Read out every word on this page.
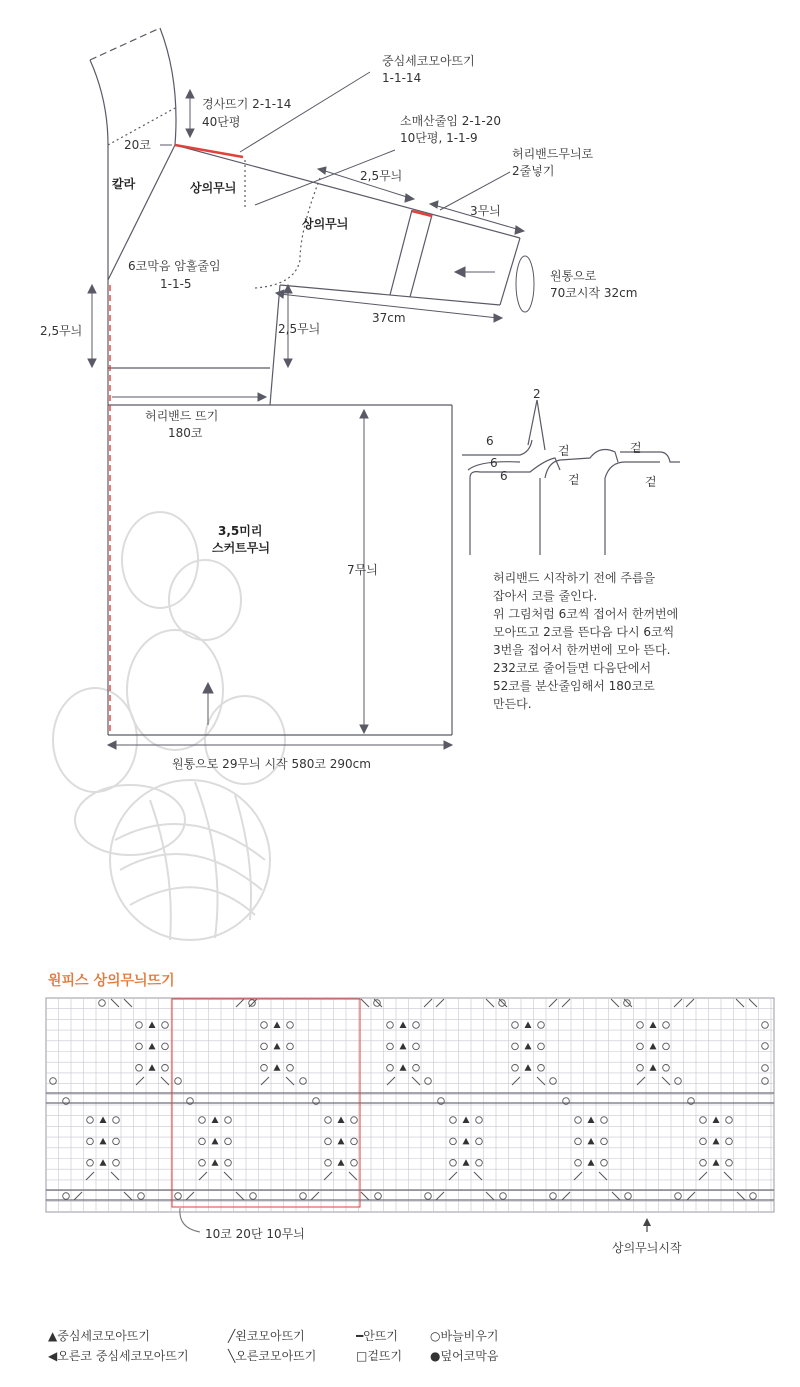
중심세코모아뜨기
1-1-14
경사뜨기 2-1-14
40단평	소매산줄임 2-1-20
10단평, 1-1-9
허리밴드무늬로
2줄넣기
20코
칼라	상의무늬
상의무늬
2,5무늬
3무늬
6코막음 암홀줄임
1-1-5
원통으로
70코시작 32cm
37cm
2,5무늬	2,5무늬
허리밴드 뜨기
180코
3,5미리
스커트무늬
7무늬
원통으로 29무늬 시작 580코 290cm
2
6
6
6
겉	겉
겉	겉
허리밴드 시작하기 전에 주름을
잡아서 코를 줄인다.
위 그림처럼 6코씩 접어서 한꺼번에
모아뜨고 2코를 뜬다음 다시 6코씩
3번을 접어서 한꺼번에 모아 뜬다.
232코로 줄어들면 다음단에서
52코를 분산줄임해서 180코로
만든다.
원피스 상의무늬뜨기
10코 20단 10무늬
상의무늬시작
▲중심세코모아뜨기	╱왼코모아뜨기	━안뜨기	○바늘비우기
◀오른코 중심세코모아뜨기	╲오른코모아뜨기	□겉뜨기 ●덮어코막음
